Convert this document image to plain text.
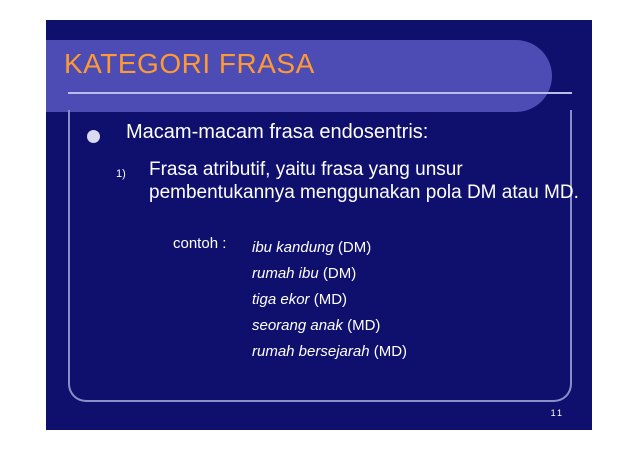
KATEGORI FRASA
Macam-macam frasa endosentris:
1) Frasa atributif, yaitu frasa yang unsur pembentukannya menggunakan pola DM atau MD.
contoh : ibu kandung (DM)
rumah ibu (DM)
tiga ekor (MD)
seorang anak (MD)
rumah bersejarah (MD)
11
